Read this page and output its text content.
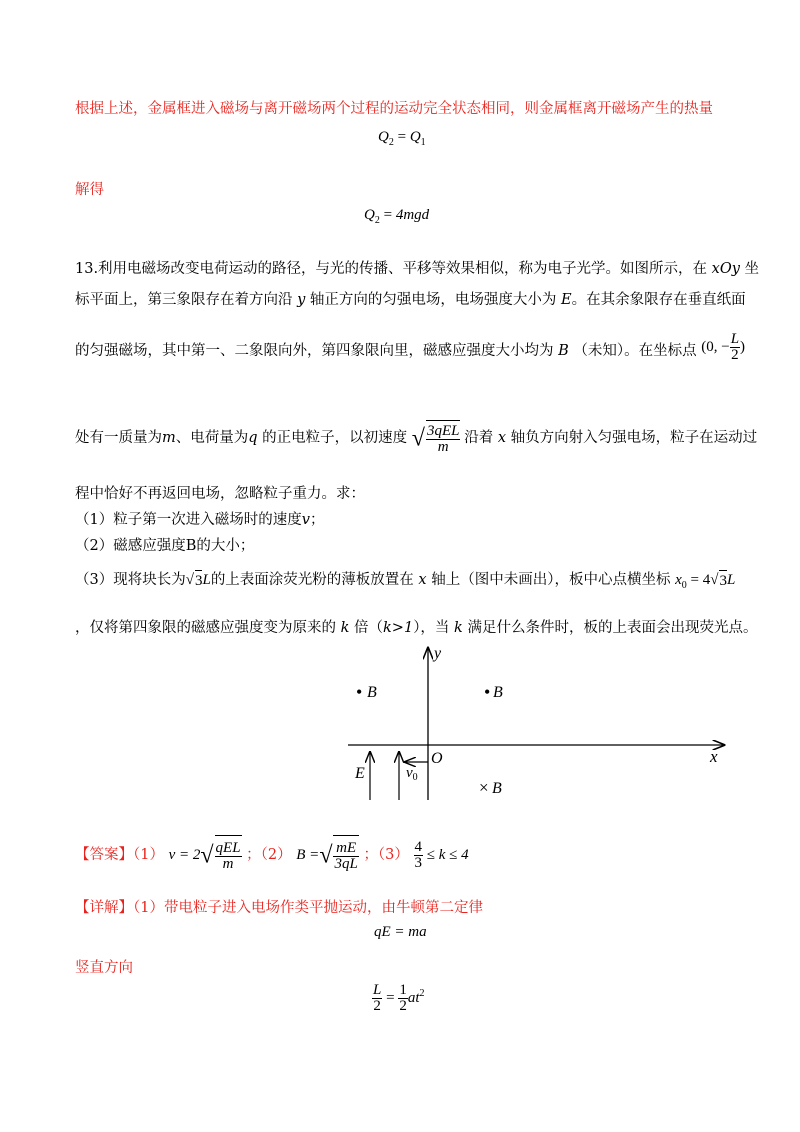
根据上述，金属框进入磁场与离开磁场两个过程的运动完全状态相同，则金属框离开磁场产生的热量
$Q_2 = Q_1$
解得
$Q_2 = 4mgd$
13.利用电磁场改变电荷运动的路径，与光的传播、平移等效果相似，称为电子光学。如图所示，在 xOy 坐
标平面上，第三象限存在着方向沿 y 轴正方向的匀强电场，电场强度大小为 E。在其余象限存在垂直纸面
的匀强磁场，其中第一、二象限向外，第四象限向里，磁感应强度大小均为 B （未知）。在坐标点 (0, − $\frac{L}{2}$ )
处有一质量为m、电荷量为q 的正电粒子，以初速度 √ $\frac{\text{3qEL}}{m}$ 沿着 x 轴负方向射入匀强电场，粒子在运动过
程中恰好不再返回电场，忽略粒子重力。求：
（1）粒子第一次进入磁场时的速度v；
（2）磁感应强度B的大小；
（3）现将块长为√3L的上表面涂荧光粉的薄板放置在 x 轴上（图中未画出），板中心点横坐标 $x_0 = 4√3L$
，仅将第四象限的磁感应强度变为原来的 k 倍（k>1），当 k 满足什么条件时，板的上表面会出现荧光点。
x
y
O
• B	• B
× B
E	$v_0$
【答案】（1） $v = 2√ \frac{\text{qEL}}{m}$ ；（2） B =√ $\frac{mE}{3qL}$ ；$(3) \frac{4}{3} \le k \le 4$
【详解】（1）带电粒子进入电场作类平抛运动，由牛顿第二定律
qE = ma
竖直方向
$\frac{L}{2} = \frac{1}{2} at^2$
